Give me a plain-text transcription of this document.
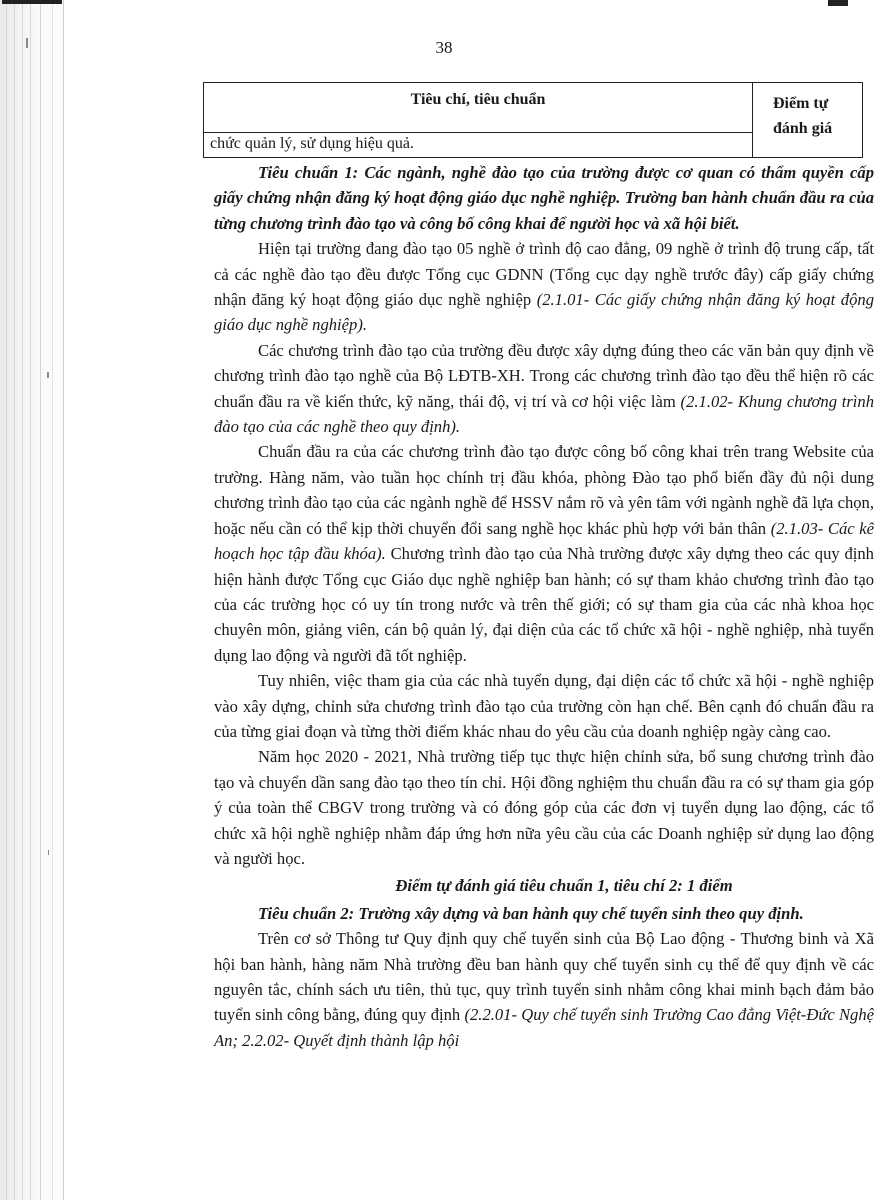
38
Tiêu chí, tiêu chuẩn	Điểm tự
đánh giá
chức quản lý, sử dụng hiệu quả.

Tiêu chuẩn 1: Các ngành, nghề đào tạo của trường được cơ quan có thẩm quyền cấp giấy chứng nhận đăng ký hoạt động giáo dục nghề nghiệp. Trường ban hành chuẩn đầu ra của từng chương trình đào tạo và công bố công khai để người học và xã hội biết.

Hiện tại trường đang đào tạo 05 nghề ở trình độ cao đẳng, 09 nghề ở trình độ trung cấp, tất cả các nghề đào tạo đều được Tổng cục GDNN (Tổng cục dạy nghề trước đây) cấp giấy chứng nhận đăng ký hoạt động giáo dục nghề nghiệp (2.1.01- Các giấy chứng nhận đăng ký hoạt động giáo dục nghề nghiệp).

Các chương trình đào tạo của trường đều được xây dựng đúng theo các văn bản quy định về chương trình đào tạo nghề của Bộ LĐTB-XH. Trong các chương trình đào tạo đều thể hiện rõ các chuẩn đầu ra về kiến thức, kỹ năng, thái độ, vị trí và cơ hội việc làm (2.1.02- Khung chương trình đào tạo của các nghề theo quy định).

Chuẩn đầu ra của các chương trình đào tạo được công bố công khai trên trang Website của trường. Hàng năm, vào tuần học chính trị đầu khóa, phòng Đào tạo phổ biến đầy đủ nội dung chương trình đào tạo của các ngành nghề để HSSV nắm rõ và yên tâm với ngành nghề đã lựa chọn, hoặc nếu cần có thể kịp thời chuyển đổi sang nghề học khác phù hợp với bản thân (2.1.03- Các kế hoạch học tập đầu khóa). Chương trình đào tạo của Nhà trường được xây dựng theo các quy định hiện hành được Tổng cục Giáo dục nghề nghiệp ban hành; có sự tham khảo chương trình đào tạo của các trường học có uy tín trong nước và trên thế giới; có sự tham gia của các nhà khoa học chuyên môn, giảng viên, cán bộ quản lý, đại diện của các tổ chức xã hội - nghề nghiệp, nhà tuyển dụng lao động và người đã tốt nghiệp.

Tuy nhiên, việc tham gia của các nhà tuyển dụng, đại diện các tổ chức xã hội - nghề nghiệp vào xây dựng, chỉnh sửa chương trình đào tạo của trường còn hạn chế. Bên cạnh đó chuẩn đầu ra của từng giai đoạn và từng thời điểm khác nhau do yêu cầu của doanh nghiệp ngày càng cao.

Năm học 2020 - 2021, Nhà trường tiếp tục thực hiện chỉnh sửa, bổ sung chương trình đào tạo và chuyển dần sang đào tạo theo tín chỉ. Hội đồng nghiệm thu chuẩn đầu ra có sự tham gia góp ý của toàn thể CBGV trong trường và có đóng góp của các đơn vị tuyển dụng lao động, các tổ chức xã hội nghề nghiệp nhằm đáp ứng hơn nữa yêu cầu của các Doanh nghiệp sử dụng lao động và người học.

Điểm tự đánh giá tiêu chuẩn 1, tiêu chí 2: 1 điểm

Tiêu chuẩn 2: Trường xây dựng và ban hành quy chế tuyển sinh theo quy định.

Trên cơ sở Thông tư Quy định quy chế tuyển sinh của Bộ Lao động - Thương binh và Xã hội ban hành, hàng năm Nhà trường đều ban hành quy chế tuyển sinh cụ thể để quy định về các nguyên tắc, chính sách ưu tiên, thủ tục, quy trình tuyển sinh nhằm công khai minh bạch đảm bảo tuyển sinh công bằng, đúng quy định (2.2.01- Quy chế tuyển sinh Trường Cao đẳng Việt-Đức Nghệ An; 2.2.02- Quyết định thành lập hội
